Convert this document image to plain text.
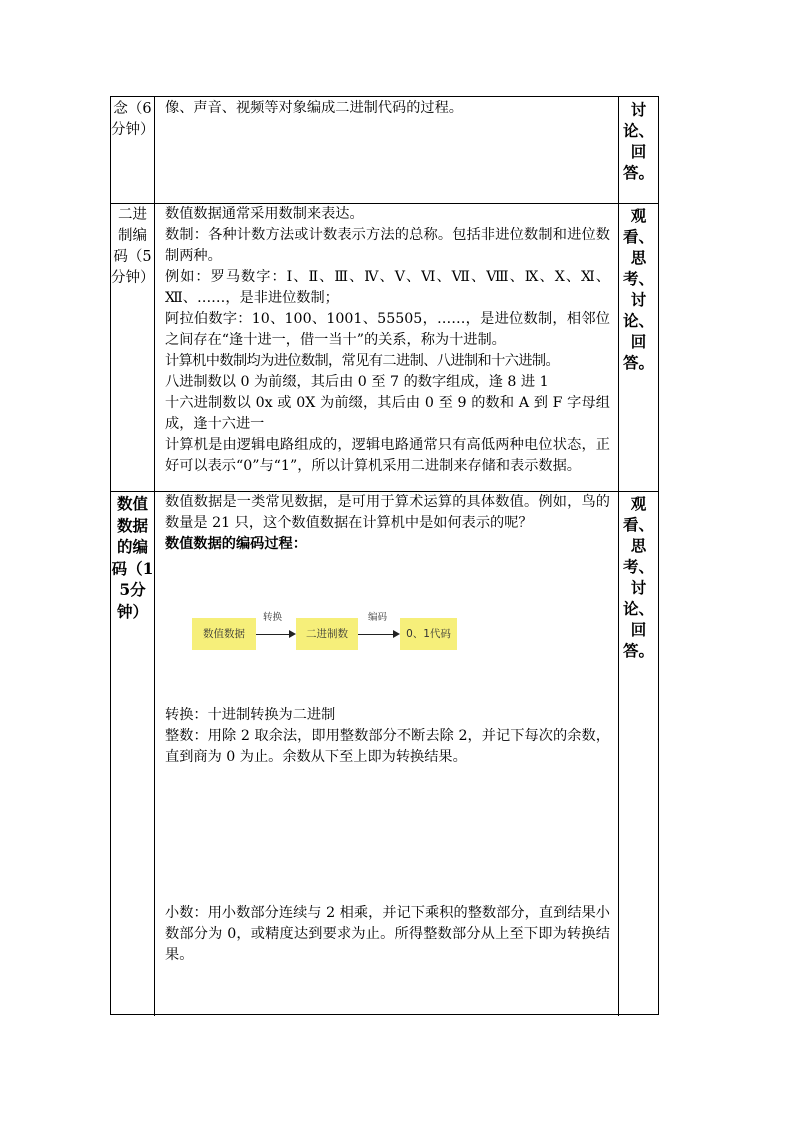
念（6分钟）

像、声音、视频等对象编成二进制代码的过程。	讨论、回答。
二进制编码（5分钟）

数值数据通常采用数制来表达。

数制：各种计数方法或计数表示方法的总称。包括非进位数制和进位数制两种。

例如：罗马数字：Ⅰ、Ⅱ、Ⅲ、Ⅳ、Ⅴ、Ⅵ、Ⅶ、Ⅷ、Ⅸ、Ⅹ、Ⅺ、Ⅻ、……，是非进位数制；

阿拉伯数字：10、100、1001、55505，……，是进位数制，相邻位之间存在“逢十进一，借一当十”的关系，称为十进制。

计算机中数制均为进位数制，常见有二进制、八进制和十六进制。

八进制数以 0 为前缀，其后由 0 至 7 的数字组成，逢 8 进 1

十六进制数以 0x 或 0X 为前缀，其后由 0 至 9 的数和 A 到 F 字母组成，逢十六进一

计算机是由逻辑电路组成的，逻辑电路通常只有高低两种电位状态，正好可以表示“0”与“1”，所以计算机采用二进制来存储和表示数据。

观看、思考、讨论、回答。
数值数据的编码（15分钟）

数值数据是一类常见数据，是可用于算术运算的具体数值。例如，鸟的数量是 21 只，这个数值数据在计算机中是如何表示的呢？

数值数据的编码过程：

数值数据
转换
二进制数
编码
0、1代码

转换：十进制转换为二进制

整数：用除 2 取余法，即用整数部分不断去除 2，并记下每次的余数，直到商为 0 为止。余数从下至上即为转换结果。

小数：用小数部分连续与 2 相乘，并记下乘积的整数部分，直到结果小数部分为 0，或精度达到要求为止。所得整数部分从上至下即为转换结果。

观看、思考、讨论、回答。
